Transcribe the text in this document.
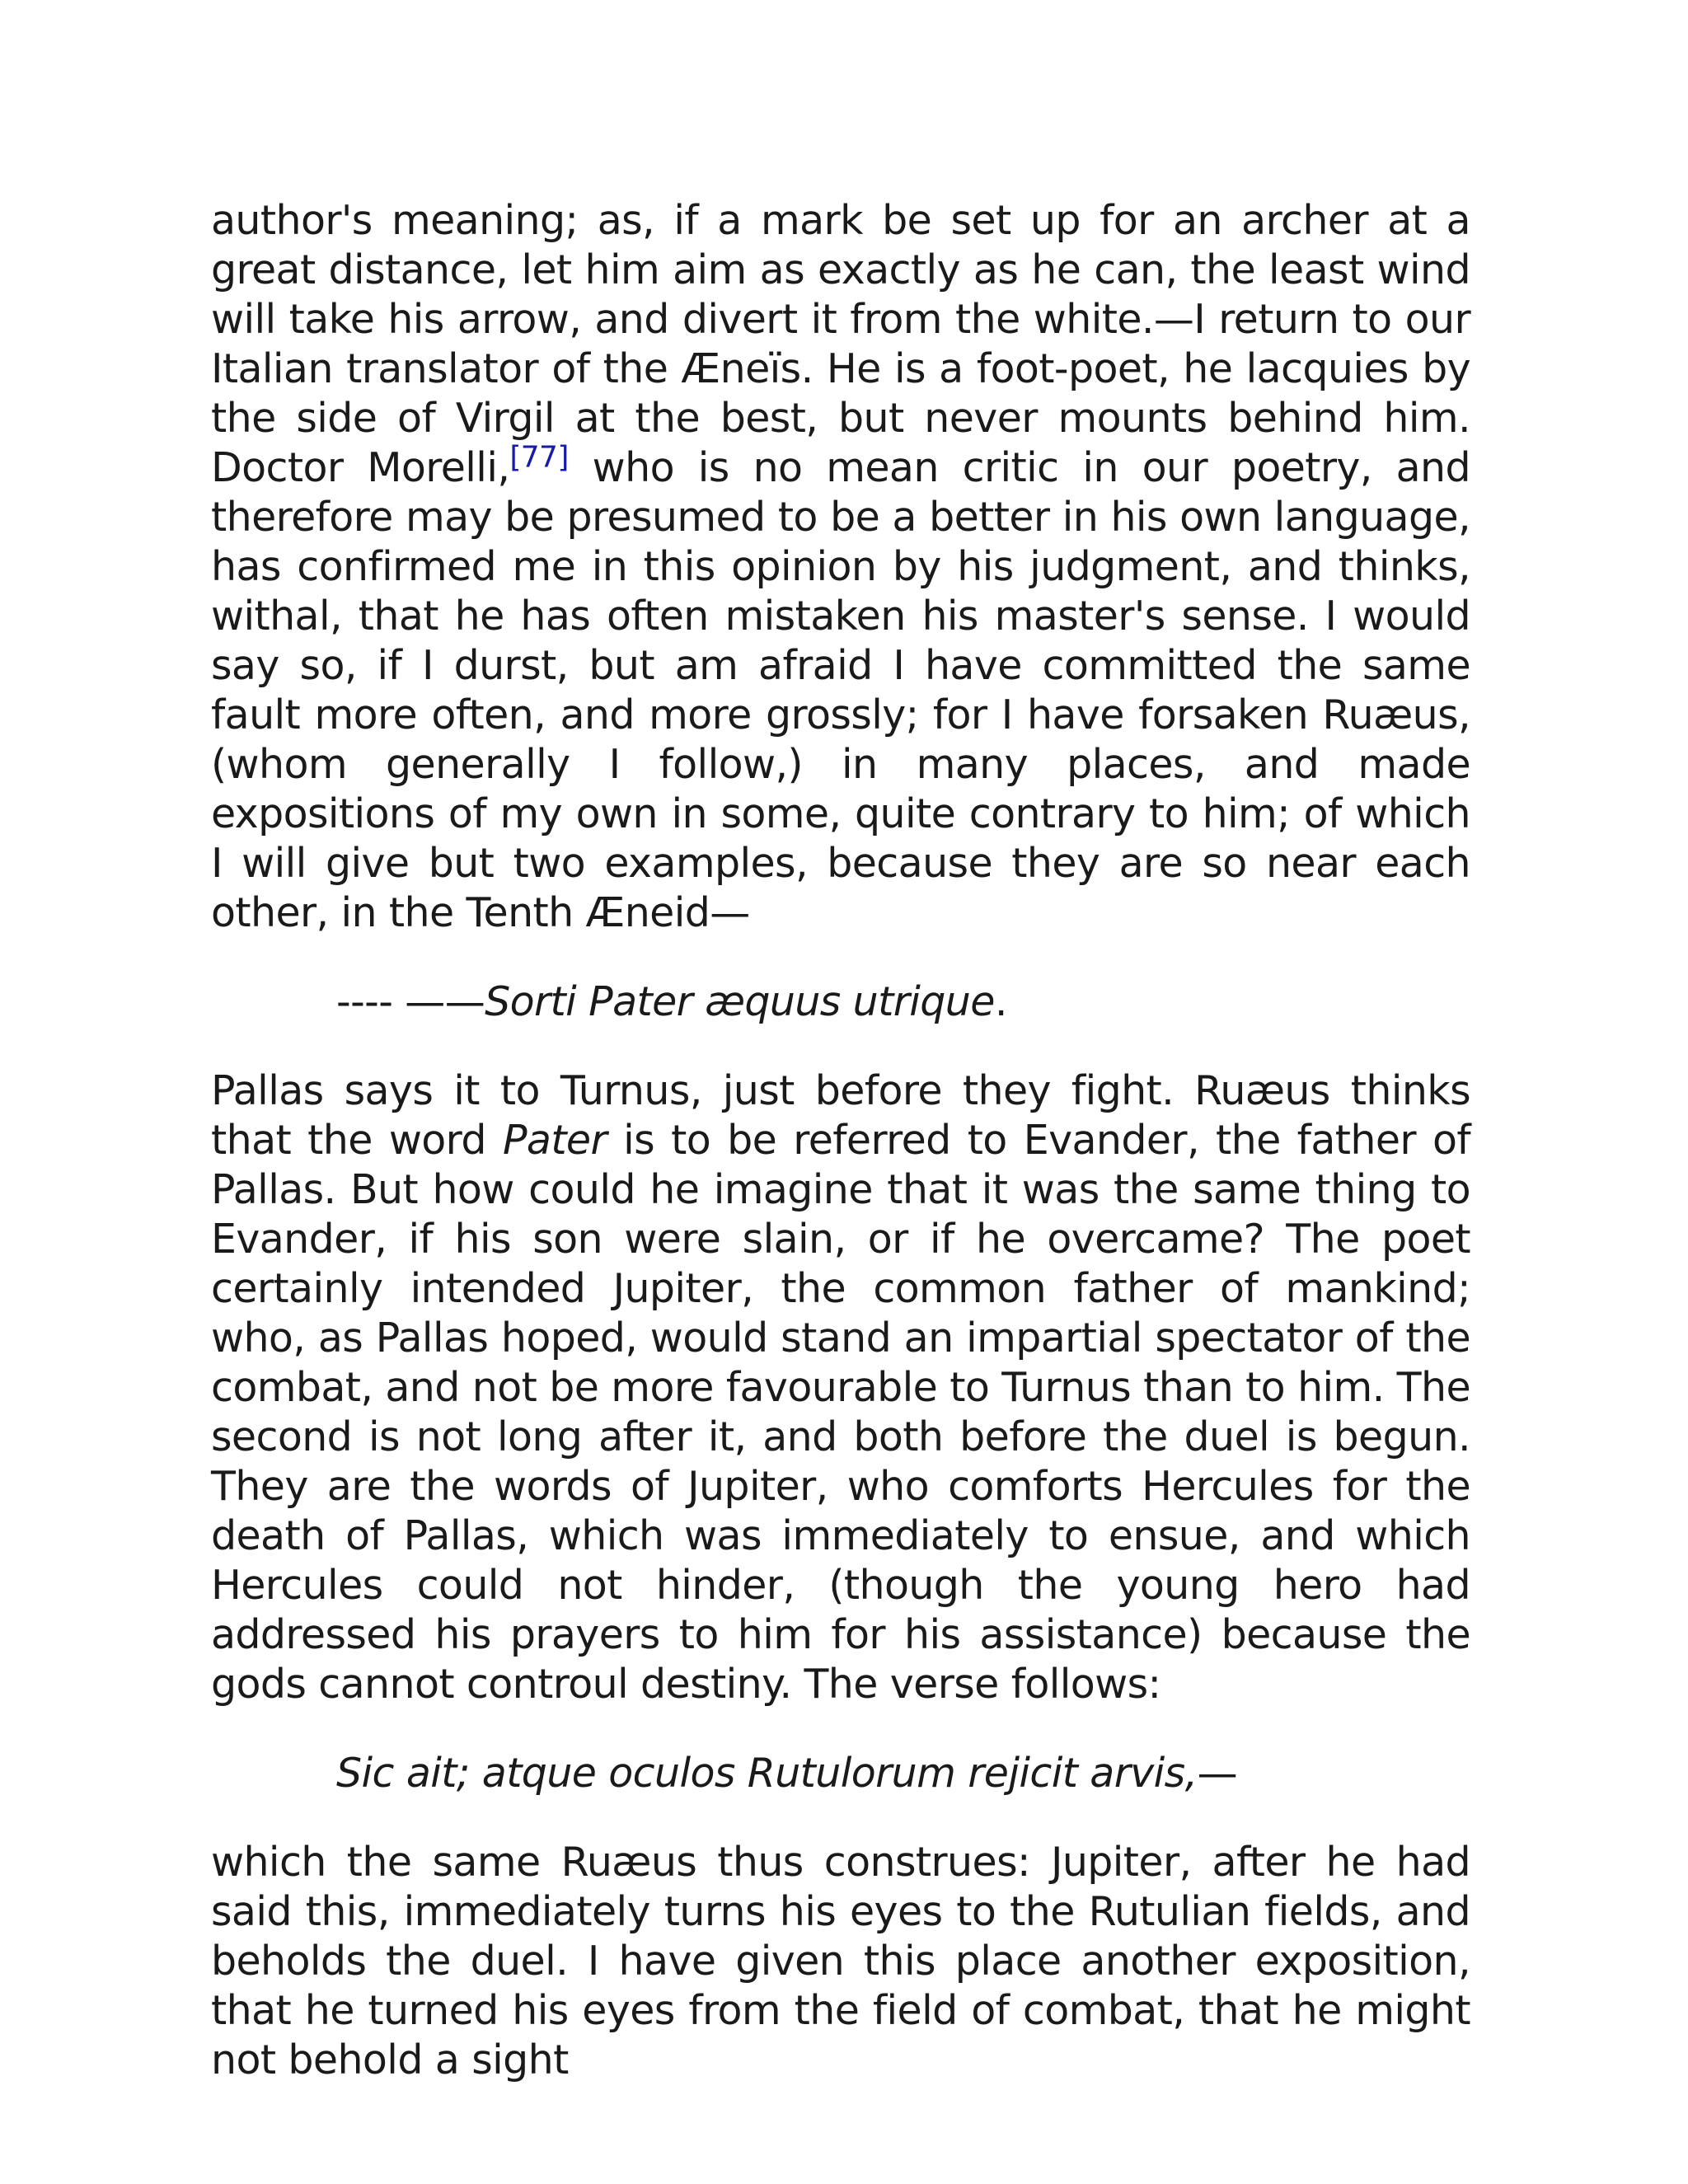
author's meaning; as, if a mark be set up for an archer at a great distance, let him aim as exactly as he can, the least wind will take his arrow, and divert it from the white.—I return to our Italian translator of the Æneïs. He is a foot-poet, he lacquies by the side of Virgil at the best, but never mounts behind him. Doctor Morelli,[77] who is no mean critic in our poetry, and therefore may be presumed to be a better in his own language, has confirmed me in this opinion by his judgment, and thinks, withal, that he has often mistaken his master's sense. I would say so, if I durst, but am afraid I have committed the same fault more often, and more grossly; for I have forsaken Ruæus, (whom generally I follow,) in many places, and made expositions of my own in some, quite contrary to him; of which I will give but two examples, because they are so near each other, in the Tenth Æneid—

---- ——Sorti Pater æquus utrique.

Pallas says it to Turnus, just before they fight. Ruæus thinks that the word Pater is to be referred to Evander, the father of Pallas. But how could he imagine that it was the same thing to Evander, if his son were slain, or if he overcame? The poet certainly intended Jupiter, the common father of mankind; who, as Pallas hoped, would stand an impartial spectator of the combat, and not be more favourable to Turnus than to him. The second is not long after it, and both before the duel is begun. They are the words of Jupiter, who comforts Hercules for the death of Pallas, which was immediately to ensue, and which Hercules could not hinder, (though the young hero had addressed his prayers to him for his assistance) because the gods cannot controul destiny. The verse follows:

Sic ait; atque oculos Rutulorum rejicit arvis,—

which the same Ruæus thus construes: Jupiter, after he had said this, immediately turns his eyes to the Rutulian fields, and beholds the duel. I have given this place another exposition, that he turned his eyes from the field of combat, that he might not behold a sight
